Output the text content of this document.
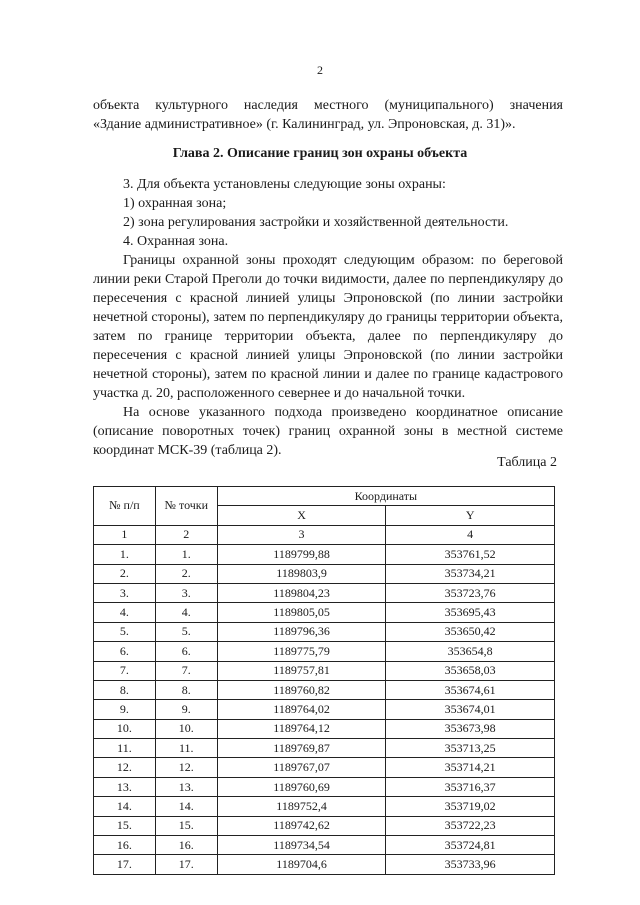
2
объекта культурного наследия местного (муниципального) значения
«Здание административное» (г. Калининград, ул. Эпроновская, д. 31)».
Глава 2. Описание границ зон охраны объекта

3. Для объекта установлены следующие зоны охраны:

1) охранная зона;

2) зона регулирования застройки и хозяйственной деятельности.

4. Охранная зона.

Границы охранной зоны проходят следующим образом: по береговой линии реки Старой Преголи до точки видимости, далее по перпендикуляру до пересечения с красной линией улицы Эпроновской (по линии застройки нечетной стороны), затем по перпендикуляру до границы территории объекта, затем по границе территории объекта, далее по перпендикуляру до пересечения с красной линией улицы Эпроновской (по линии застройки нечетной стороны), затем по красной линии и далее по границе кадастрового участка д. 20, расположенного севернее и до начальной точки.

На основе указанного подхода произведено координатное описание (описание поворотных точек) границ охранной зоны в местной системе координат МСК-39 (таблица 2).

Таблица 2
№ п/п	№ точки	Координаты	
		X	Y
1	2	3	4
1.	1.	1189799,88	353761,52
2.	2.	1189803,9	353734,21
3.	3.	1189804,23	353723,76
4.	4.	1189805,05	353695,43
5.	5.	1189796,36	353650,42
6.	6.	1189775,79	353654,8
7.	7.	1189757,81	353658,03
8.	8.	1189760,82	353674,61
9.	9.	1189764,02	353674,01
10.	10.	1189764,12	353673,98
11.	11.	1189769,87	353713,25
12.	12.	1189767,07	353714,21
13.	13.	1189760,69	353716,37
14.	14.	1189752,4	353719,02
15.	15.	1189742,62	353722,23
16.	16.	1189734,54	353724,81
17.	17.	1189704,6	353733,96
